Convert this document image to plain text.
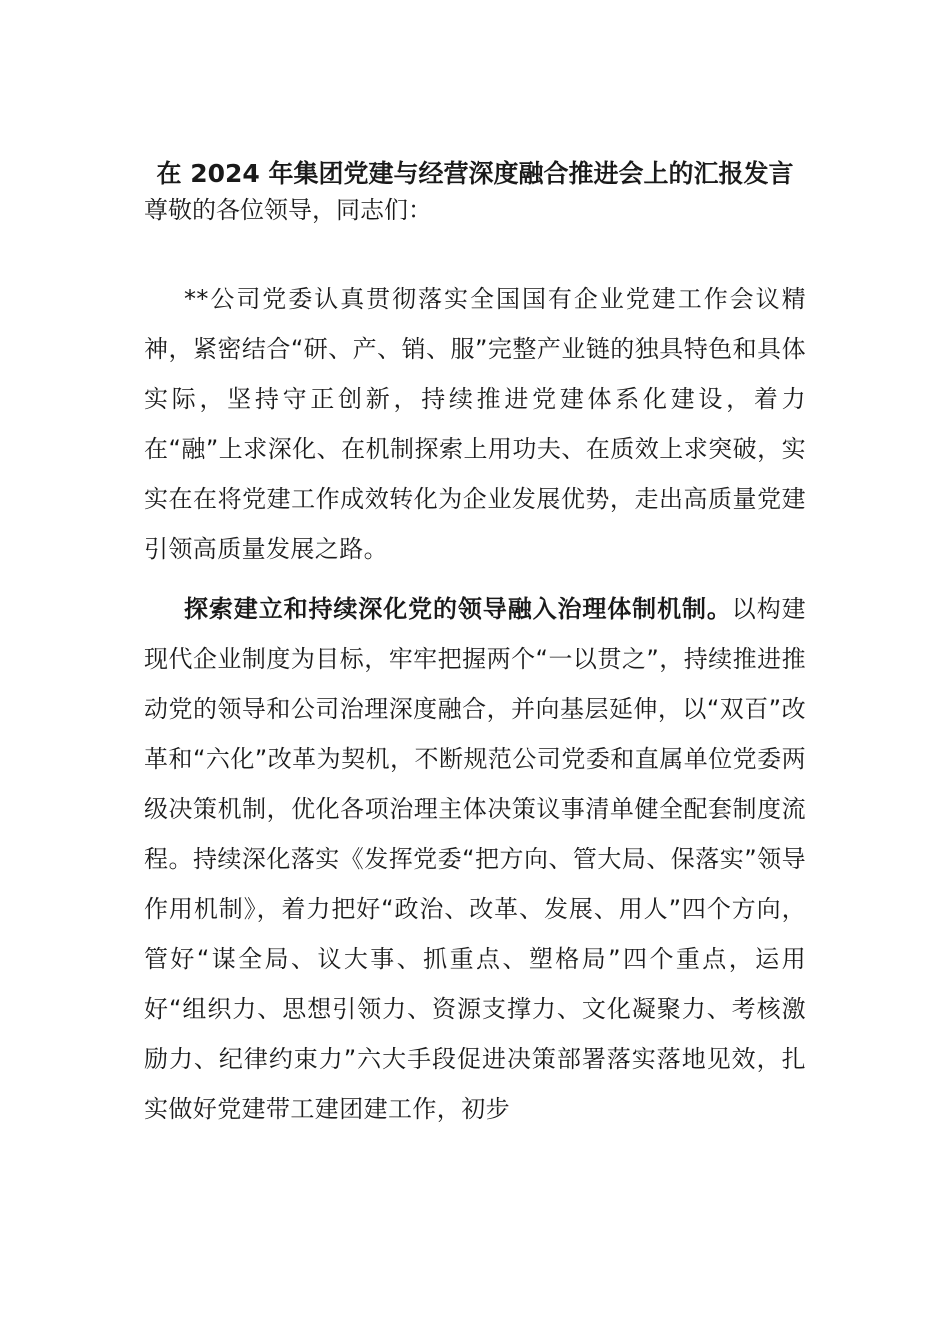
在 2024 年集团党建与经营深度融合推进会上的汇报发言
尊敬的各位领导，同志们：

**公司党委认真贯彻落实全国国有企业党建工作会议精神，紧密结合“研、产、销、服”完整产业链的独具特色和具体实际，坚持守正创新，持续推进党建体系化建设，着力在“融”上求深化、在机制探索上用功夫、在质效上求突破，实实在在将党建工作成效转化为企业发展优势，走出高质量党建引领高质量发展之路。

探索建立和持续深化党的领导融入治理体制机制。以构建现代企业制度为目标，牢牢把握两个“一以贯之”，持续推进推动党的领导和公司治理深度融合，并向基层延伸，以“双百”改革和“六化”改革为契机，不断规范公司党委和直属单位党委两级决策机制，优化各项治理主体决策议事清单健全配套制度流程。持续深化落实《发挥党委“把方向、管大局、保落实”领导作用机制》，着力把好“政治、改革、发展、用人”四个方向，管好“谋全局、议大事、抓重点、塑格局”四个重点，运用好“组织力、思想引领力、资源支撑力、文化凝聚力、考核激励力、纪律约束力”六大手段促进决策部署落实落地见效，扎实做好党建带工建团建工作，初步
